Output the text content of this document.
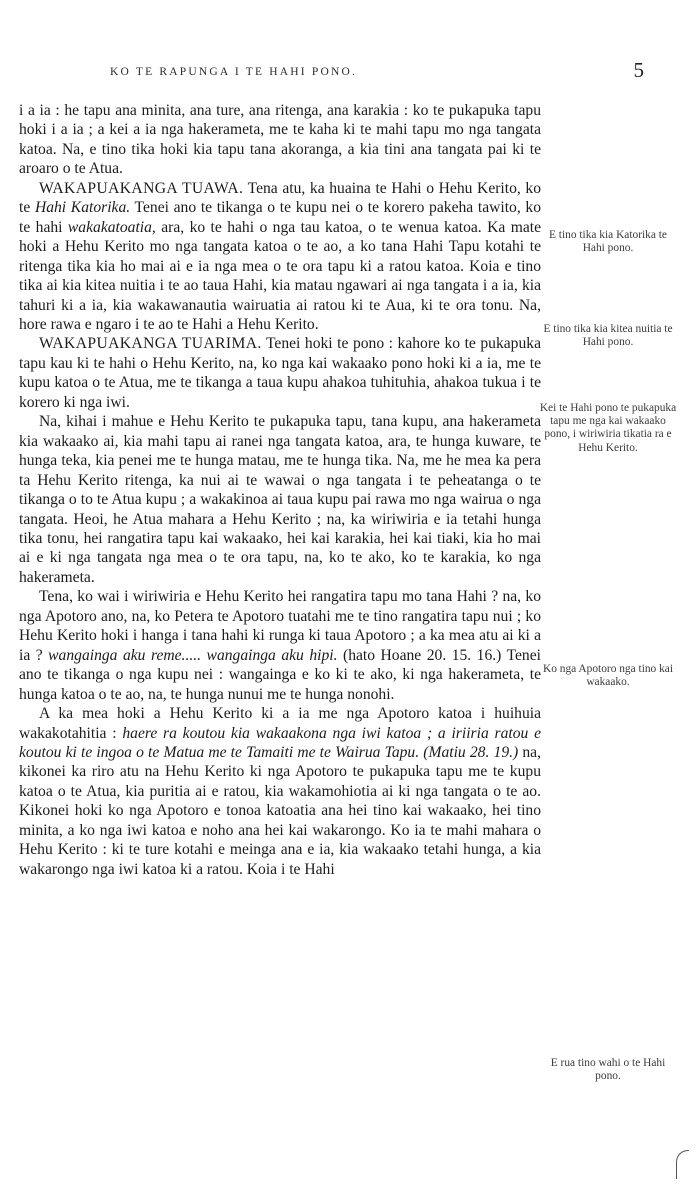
KO TE RAPUNGA I TE HAHI PONO.	5

i a ia : he tapu ana minita, ana ture, ana ritenga, ana karakia : ko te pukapuka tapu hoki i a ia ; a kei a ia nga hakerameta, me te kaha ki te mahi tapu mo nga tangata katoa. Na, e tino tika hoki kia tapu tana akoranga, a kia tini ana tangata pai ki te aroaro o te Atua.

WAKAPUAKANGA TUAWA. Tena atu, ka huaina te Hahi o Hehu Kerito, ko te Hahi Katorika. Tenei ano te tikanga o te kupu nei o te korero pakeha tawito, ko te hahi wakakatoatia, ara, ko te hahi o nga tau katoa, o te wenua katoa. Ka mate hoki a Hehu Kerito mo nga tangata katoa o te ao, a ko tana Hahi Tapu kotahi te ritenga tika kia ho mai ai e ia nga mea o te ora tapu ki a ratou katoa. Koia e tino tika ai kia kitea nuitia i te ao taua Hahi, kia matau ngawari ai nga tangata i a ia, kia tahuri ki a ia, kia wakawanautia wairuatia ai ratou ki te Aua, ki te ora tonu. Na, hore rawa e ngaro i te ao te Hahi a Hehu Kerito.

WAKAPUAKANGA TUARIMA. Tenei hoki te pono : kahore ko te pukapuka tapu kau ki te hahi o Hehu Kerito, na, ko nga kai wakaako pono hoki ki a ia, me te kupu katoa o te Atua, me te tikanga a taua kupu ahakoa tuhituhia, ahakoa tukua i te korero ki nga iwi.

Na, kihai i mahue e Hehu Kerito te pukapuka tapu, tana kupu, ana hakerameta kia wakaako ai, kia mahi tapu ai ranei nga tangata katoa, ara, te hunga kuware, te hunga teka, kia penei me te hunga matau, me te hunga tika. Na, me he mea ka pera ta Hehu Kerito ritenga, ka nui ai te wawai o nga tangata i te peheatanga o te tikanga o to te Atua kupu ; a wakakinoa ai taua kupu pai rawa mo nga wairua o nga tangata. Heoi, he Atua mahara a Hehu Kerito ; na, ka wiriwiria e ia tetahi hunga tika tonu, hei rangatira tapu kai wakaako, hei kai karakia, hei kai tiaki, kia ho mai ai e ki nga tangata nga mea o te ora tapu, na, ko te ako, ko te karakia, ko nga hakerameta.

Tena, ko wai i wiriwiria e Hehu Kerito hei rangatira tapu mo tana Hahi ? na, ko nga Apotoro ano, na, ko Petera te Apotoro tuatahi me te tino rangatira tapu nui ; ko Hehu Kerito hoki i hanga i tana hahi ki runga ki taua Apotoro ; a ka mea atu ai ki a ia ? wangainga aku reme..... wangainga aku hipi. (hato Hoane 20. 15. 16.) Tenei ano te tikanga o nga kupu nei : wangainga e ko ki te ako, ki nga hakerameta, te hunga katoa o te ao, na, te hunga nunui me te hunga nonohi.

A ka mea hoki a Hehu Kerito ki a ia me nga Apotoro katoa i huihuia wakakotahitia : haere ra koutou kia wakaakona nga iwi katoa ; a iriiria ratou e koutou ki te ingoa o te Matua me te Tamaiti me te Wairua Tapu. (Matiu 28. 19.) na, kikonei ka riro atu na Hehu Kerito ki nga Apotoro te pukapuka tapu me te kupu katoa o te Atua, kia puritia ai e ratou, kia wakamohiotia ai ki nga tangata o te ao. Kikonei hoki ko nga Apotoro e tonoa katoatia ana hei tino kai wakaako, hei tino minita, a ko nga iwi katoa e noho ana hei kai wakarongo. Ko ia te mahi mahara o Hehu Kerito : ki te ture kotahi e meinga ana e ia, kia wakaako tetahi hunga, a kia wakarongo nga iwi katoa ki a ratou. Koia i te Hahi

E tino tika kia Katorika te Hahi pono.
E tino tika kia kitea nuitia te Hahi pono.
Kei te Hahi pono te pukapuka tapu me nga kai wakaako pono, i wiriwiria tikatia ra e Hehu Kerito.
Ko nga Apotoro nga tino kai wakaako.
E rua tino wahi o te Hahi pono.
